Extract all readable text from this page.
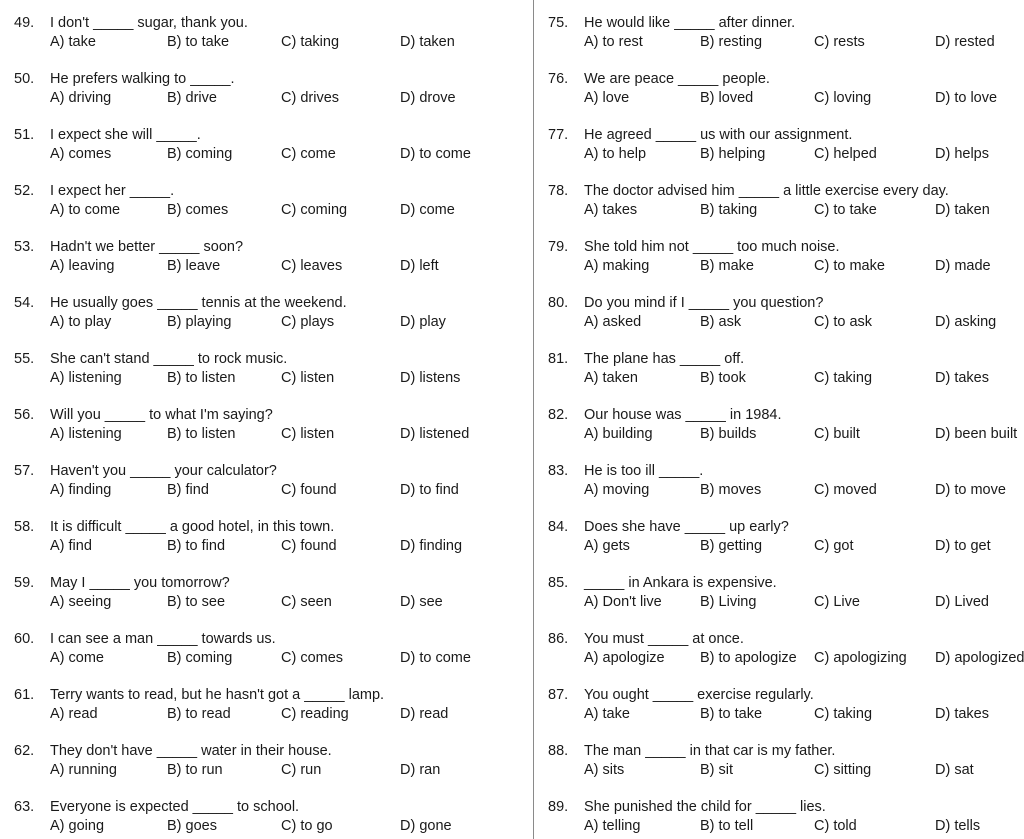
49. I don't _____ sugar, thank you.
A) take	B) to take	C) taking	D) taken
50. He prefers walking to _____.
A) driving	B) drive	C) drives	D) drove
51. I expect she will _____.
A) comes	B) coming	C) come	D) to come
52. I expect her _____.
A) to come	B) comes	C) coming	D) come
53. Hadn't we better _____ soon?
A) leaving	B) leave	C) leaves	D) left
54. He usually goes _____ tennis at the weekend.
A) to play	B) playing	C) plays	D) play
55. She can't stand _____ to rock music.
A) listening	B) to listen	C) listen	D) listens
56. Will you _____ to what I'm saying?
A) listening	B) to listen	C) listen	D) listened
57. Haven't you _____ your calculator?
A) finding	B) find	C) found	D) to find
58. It is difficult _____ a good hotel, in this town.
A) find	B) to find	C) found	D) finding
59. May I _____ you tomorrow?
A) seeing	B) to see	C) seen	D) see
60. I can see a man _____ towards us.
A) come	B) coming	C) comes	D) to come
61. Terry wants to read, but he hasn't got a _____ lamp.
A) read	B) to read	C) reading	D) read
62. They don't have _____ water in their house.
A) running	B) to run	C) run	D) ran
63. Everyone is expected _____ to school.
A) going	B) goes	C) to go	D) gone
75. He would like _____ after dinner.
A) to rest	B) resting	C) rests	D) rested
76. We are peace _____ people.
A) love	B) loved	C) loving	D) to love
77. He agreed _____ us with our assignment.
A) to help	B) helping	C) helped	D) helps
78. The doctor advised him _____ a little exercise every day.
A) takes	B) taking	C) to take	D) taken
79. She told him not _____ too much noise.
A) making	B) make	C) to make	D) made
80. Do you mind if I _____ you question?
A) asked	B) ask	C) to ask	D) asking
81. The plane has _____ off.
A) taken	B) took	C) taking	D) takes
82. Our house was _____ in 1984.
A) building	B) builds	C) built	D) been built
83. He is too ill _____.
A) moving	B) moves	C) moved	D) to move
84. Does she have _____ up early?
A) gets	B) getting	C) got	D) to get
85. _____ in Ankara is expensive.
A) Don't live	B) Living	C) Live	D) Lived
86. You must _____ at once.
A) apologize B) to apologize C) apologizing D) apologized
87. You ought _____ exercise regularly.
A) take	B) to take	C) taking	D) takes
88. The man _____ in that car is my father.
A) sits	B) sit	C) sitting	D) sat
89. She punished the child for _____ lies.
A) telling	B) to tell	C) told	D) tells
